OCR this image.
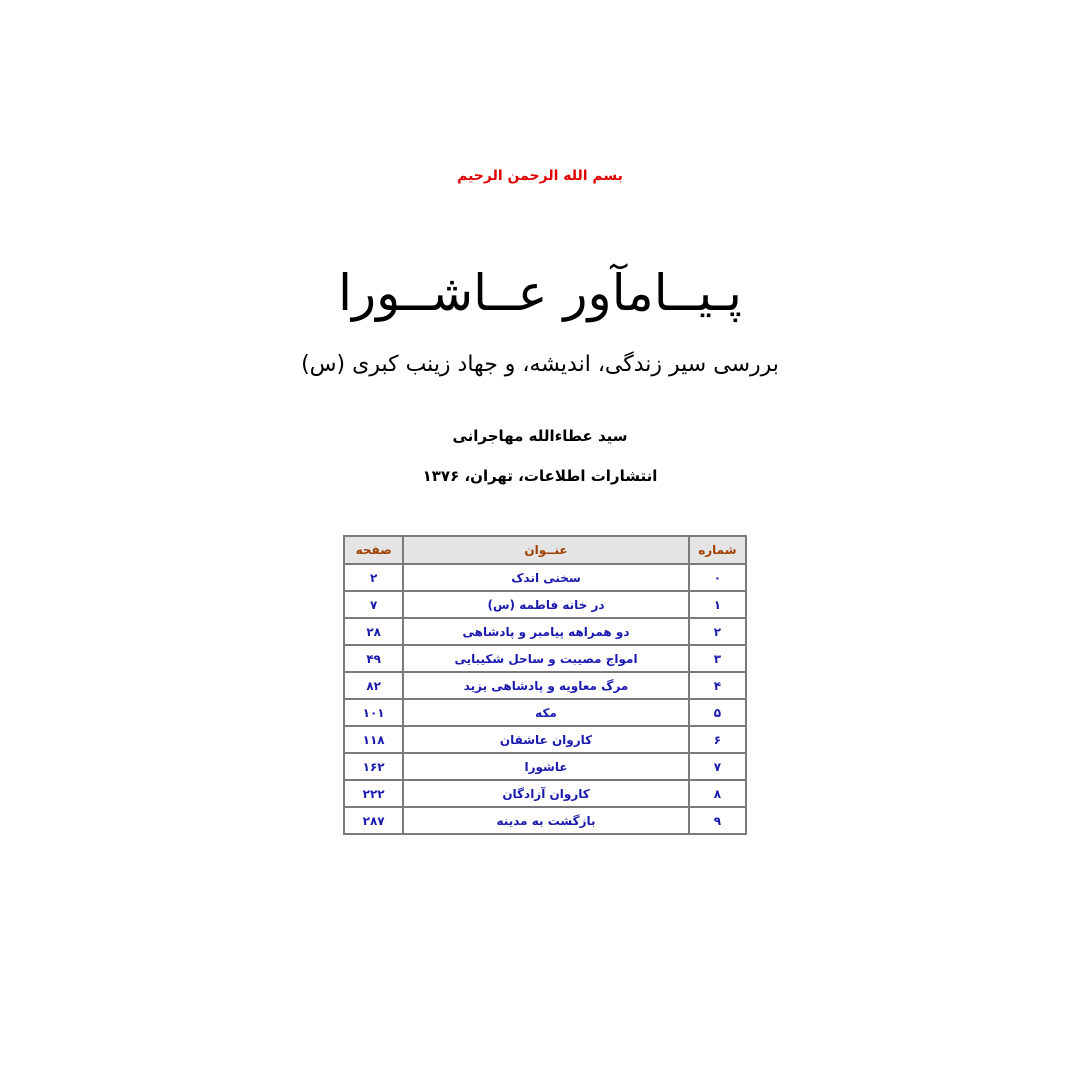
بسم الله الرحمن الرحيم
پـيــامآور عــاشــورا
بررسی سير زندگی، انديشه، و جهاد زينب كبری (س)
سيد عطاءالله مهاجرانی
انتشارات اطلاعات، تهران، ۱۳۷۶
شماره	عنــوان	صفحه
۰	سخنی اندک	۲
۱	در خانه فاطمه (س)	۷
۲	دو همراهه پيامبر و پادشاهی	۲۸
۳	امواج مصيبت و ساحل شكيبايی	۴۹
۴	مرگ معاويه و پادشاهی يزيد	۸۲
۵	مكه	۱۰۱
۶	كاروان عاشقان	۱۱۸
۷	عاشورا	۱۶۲
۸	كاروان آزادگان	۲۲۲
۹	بازگشت به مدينه	۲۸۷
